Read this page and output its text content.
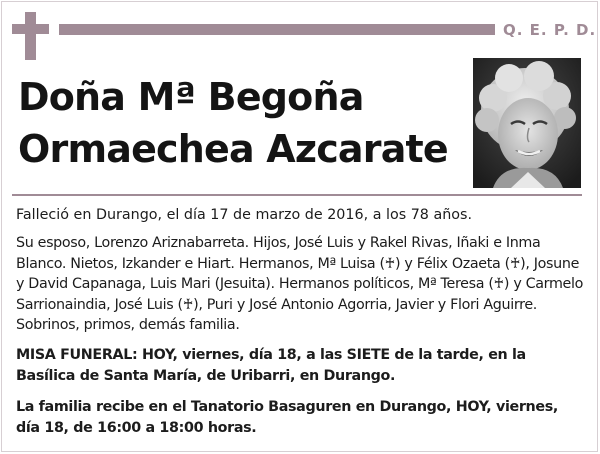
Q. E. P. D.
Doña Mª Begoña
Ormaechea Azcarate
Falleció en Durango, el día 17 de marzo de 2016, a los 78 años.
Su esposo, Lorenzo Ariznabarreta. Hijos, José Luis y Rakel Rivas, Iñaki e Inma Blanco. Nietos, Izkander e Hiart. Hermanos, Mª Luisa (♰) y Félix Ozaeta (♰), Josune y David Capanaga, Luis Mari (Jesuita). Hermanos políticos, Mª Teresa (♰) y Carmelo Sarrionaindia, José Luis (♰), Puri y José Antonio Agorria, Javier y Flori Aguirre. Sobrinos, primos, demás familia.
MISA FUNERAL: HOY, viernes, día 18, a las SIETE de la tarde, en la Basílica de Santa María, de Uribarri, en Durango.
La familia recibe en el Tanatorio Basaguren en Durango, HOY, viernes, día 18, de 16:00 a 18:00 horas.
